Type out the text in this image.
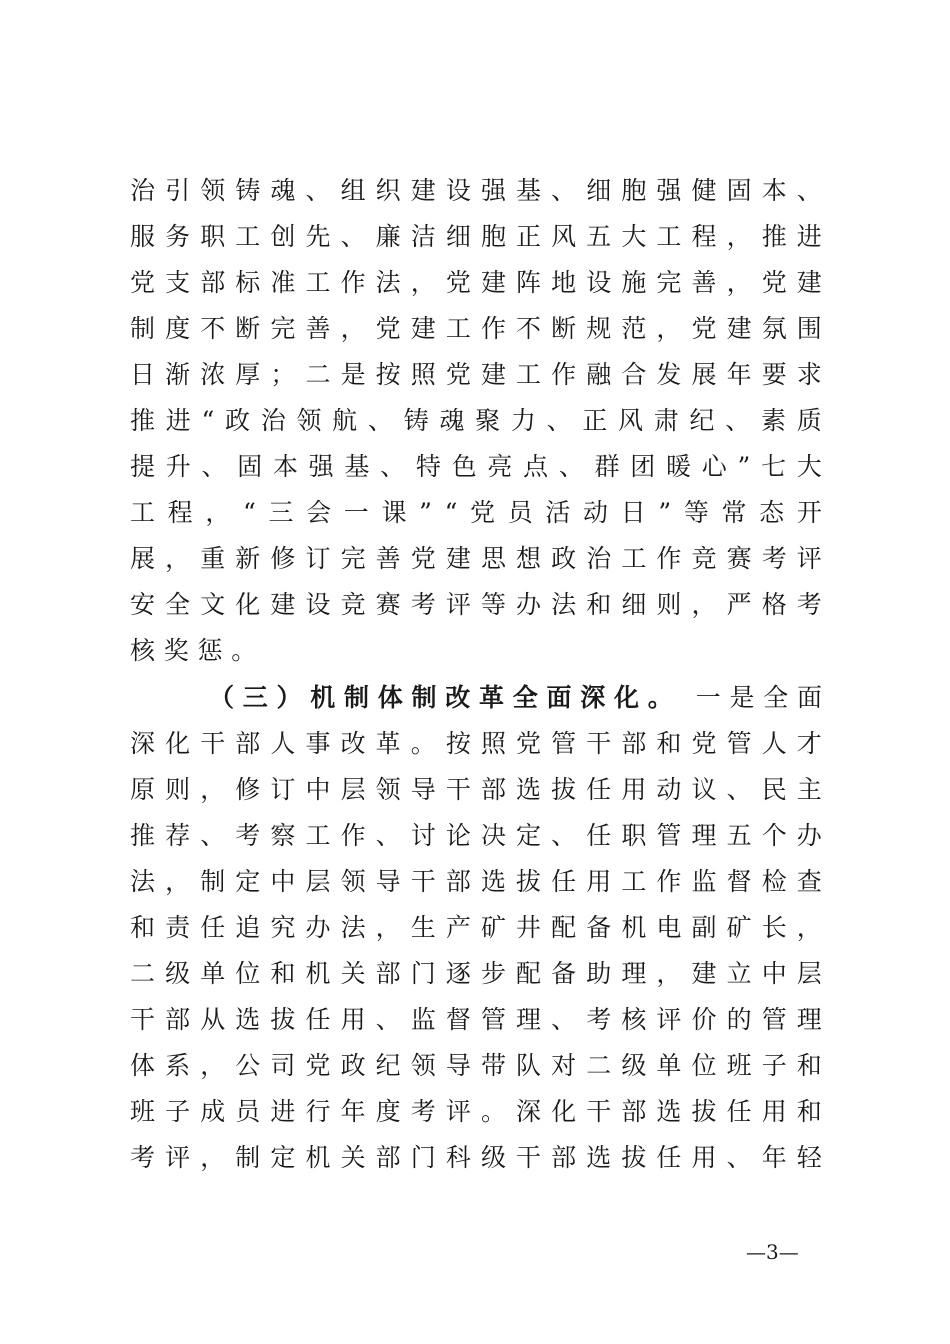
治 引 领 铸 魂 、 组 织 建 设 强 基 、 细 胞 强 健 固 本 、
服 务 职 工 创 先 、 廉 洁 细 胞 正 风 五 大 工 程 ， 推 进
党 支 部 标 准 工 作 法 ， 党 建 阵 地 设 施 完 善 ， 党 建
制 度 不 断 完 善 ， 党 建 工 作 不 断 规 范 ， 党 建 氛 围
日 渐 浓 厚 ； 二 是 按 照 党 建 工 作 融 合 发 展 年 要 求
推 进 “ 政 治 领 航 、 铸 魂 聚 力 、 正 风 肃 纪 、 素 质
提 升 、 固 本 强 基 、 特 色 亮 点 、 群 团 暖 心 ” 七 大
工 程 ， “ 三 会 一 课 ” “ 党 员 活 动 日 ” 等 常 态 开
展 ， 重 新 修 订 完 善 党 建 思 想 政 治 工 作 竞 赛 考 评
安 全 文 化 建 设 竞 赛 考 评 等 办 法 和 细 则 ， 严 格 考
核奖惩。
（三）机制体制改革全面深化。 一是全面
深 化 干 部 人 事 改 革 。 按 照 党 管 干 部 和 党 管 人 才
原 则 ， 修 订 中 层 领 导 干 部 选 拔 任 用 动 议 、 民 主
推 荐 、 考 察 工 作 、 讨 论 决 定 、 任 职 管 理 五 个 办
法 ， 制 定 中 层 领 导 干 部 选 拔 任 用 工 作 监 督 检 查
和 责 任 追 究 办 法 ， 生 产 矿 井 配 备 机 电 副 矿 长 ，
二 级 单 位 和 机 关 部 门 逐 步 配 备 助 理 ， 建 立 中 层
干 部 从 选 拔 任 用 、 监 督 管 理 、 考 核 评 价 的 管 理
体 系 ， 公 司 党 政 纪 领 导 带 队 对 二 级 单 位 班 子 和
班 子 成 员 进 行 年 度 考 评 。 深 化 干 部 选 拔 任 用 和
考 评 ， 制 定 机 关 部 门 科 级 干 部 选 拔 任 用 、 年 轻
—3—
